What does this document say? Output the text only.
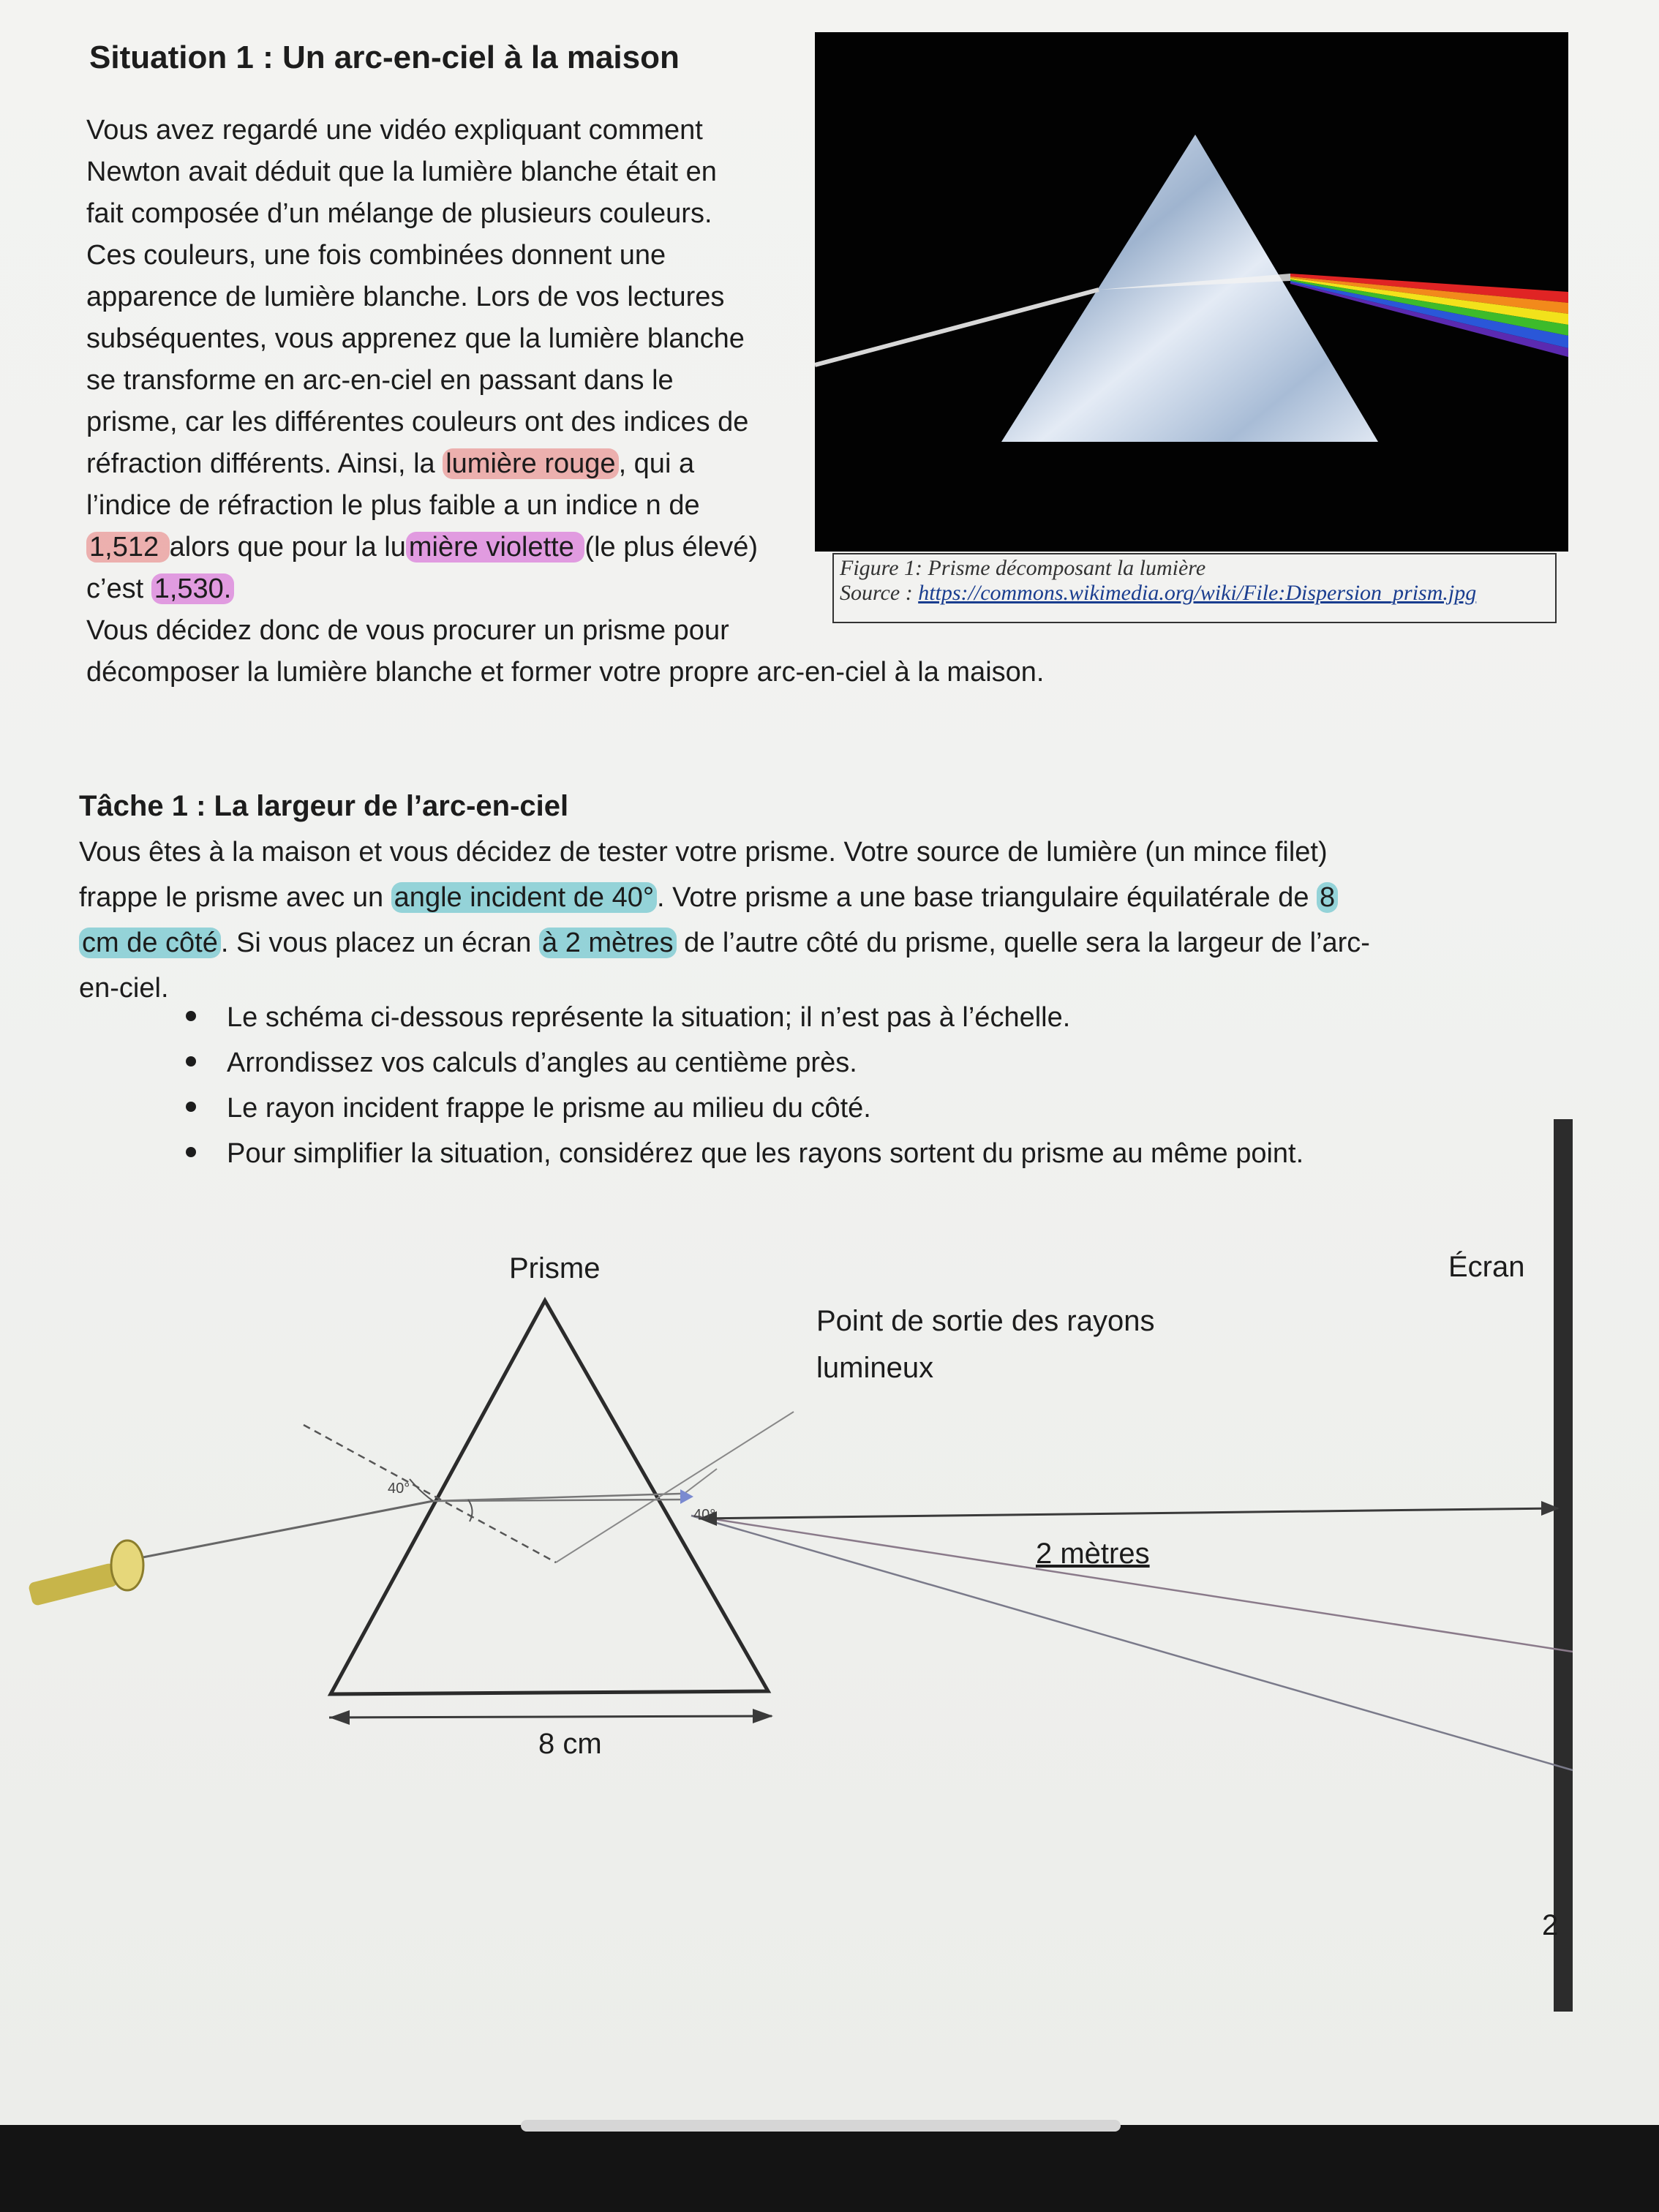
Situation 1 : Un arc-en-ciel à la maison
Vous avez regardé une vidéo expliquant comment
Newton avait déduit que la lumière blanche était en
fait composée d’un mélange de plusieurs couleurs.
Ces couleurs, une fois combinées donnent une
apparence de lumière blanche. Lors de vos lectures
subséquentes, vous apprenez que la lumière blanche
se transforme en arc-en-ciel en passant dans le
prisme, car les différentes couleurs ont des indices de
réfraction différents. Ainsi, la lumière rouge , qui a
l’indice de réfraction le plus faible a un indice n de
1,512 alors que pour la lu mière violette (le plus élevé)
c’est 1,530.
Vous décidez donc de vous procurer un prisme pour
décomposer la lumière blanche et former votre propre arc-en-ciel à la maison.
Figure 1: Prisme décomposant la lumière
Source : https://commons.wikimedia.org/wiki/File:Dispersion_prism.jpg
Tâche 1 : La largeur de l’arc-en-ciel
Vous êtes à la maison et vous décidez de tester votre prisme. Votre source de lumière (un mince filet)
frappe le prisme avec un angle incident de 40° . Votre prisme a une base triangulaire équilatérale de 8
cm de côté . Si vous placez un écran à 2 mètres de l’autre côté du prisme, quelle sera la largeur de l’arc-
en-ciel.
Le schéma ci-dessous représente la situation; il n’est pas à l’échelle.
Arrondissez vos calculs d’angles au centième près.
Le rayon incident frappe le prisme au milieu du côté.
Pour simplifier la situation, considérez que les rayons sortent du prisme au même point.
Prisme	Écran
Point de sortie des rayons
lumineux
2 mètres
8 cm
40°
40°
2
